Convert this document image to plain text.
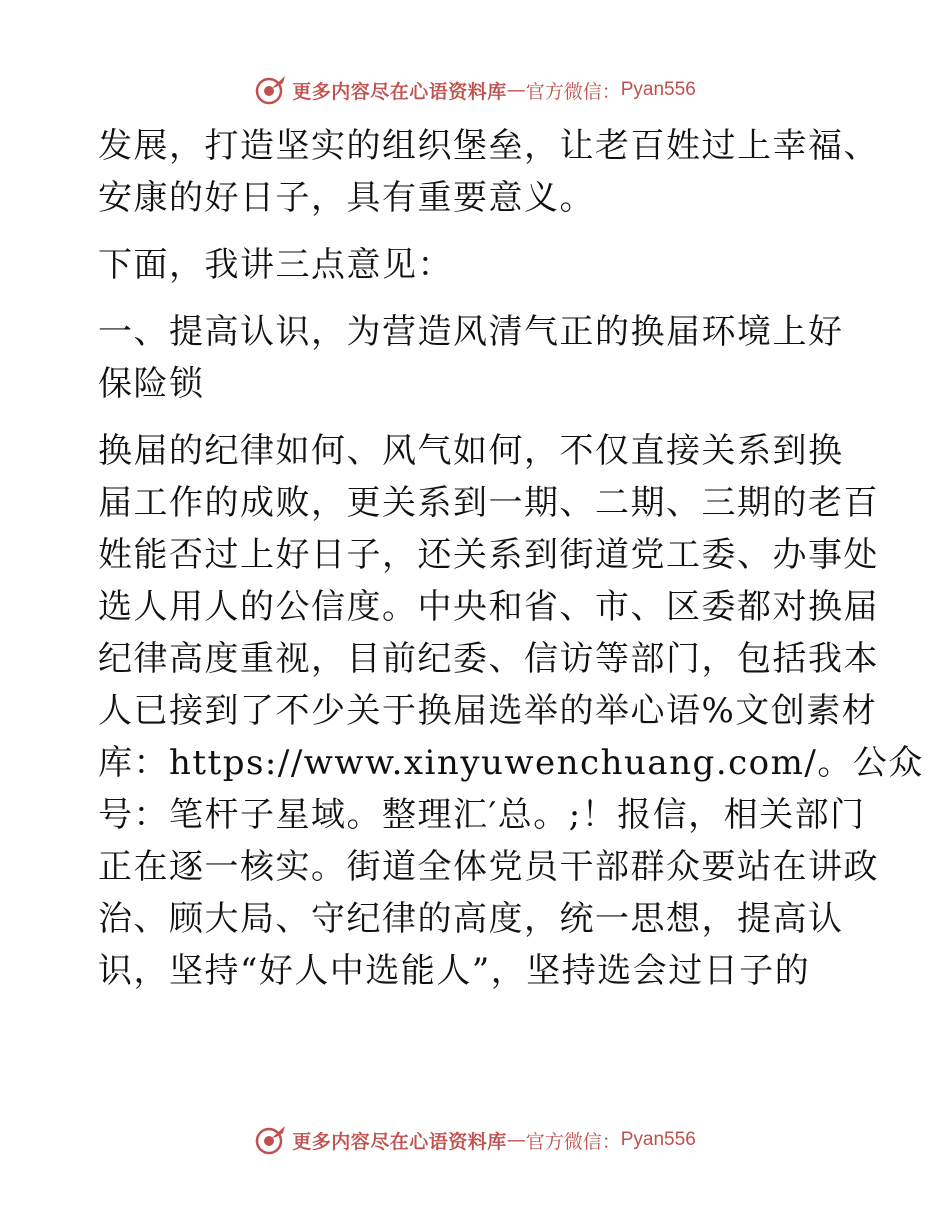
更多内容尽在心语资料库 — 官方微信： Pyan556
发展，打造坚实的组织堡垒，让老百姓过上幸福、
安康的好日子，具有重要意义。
下面，我讲三点意见：
一、提高认识，为营造风清气正的换届环境上好
保险锁
换届的纪律如何、风气如何，不仅直接关系到换
届工作的成败，更关系到一期、二期、三期的老百
姓能否过上好日子，还关系到街道党工委、办事处
选人用人的公信度。中央和省、市、区委都对换届
纪律高度重视，目前纪委、信访等部门，包括我本
人已接到了不少关于换届选举的举心语%文创素材
库：https://www.xinyuwenchuang.com/。公众
号：笔杆子星域。整理汇′总。;！报信，相关部门
正在逐一核实。街道全体党员干部群众要站在讲政
治、顾大局、守纪律的高度，统一思想，提高认
识，坚持“好人中选能人”，坚持选会过日子的
更多内容尽在心语资料库 — 官方微信： Pyan556
